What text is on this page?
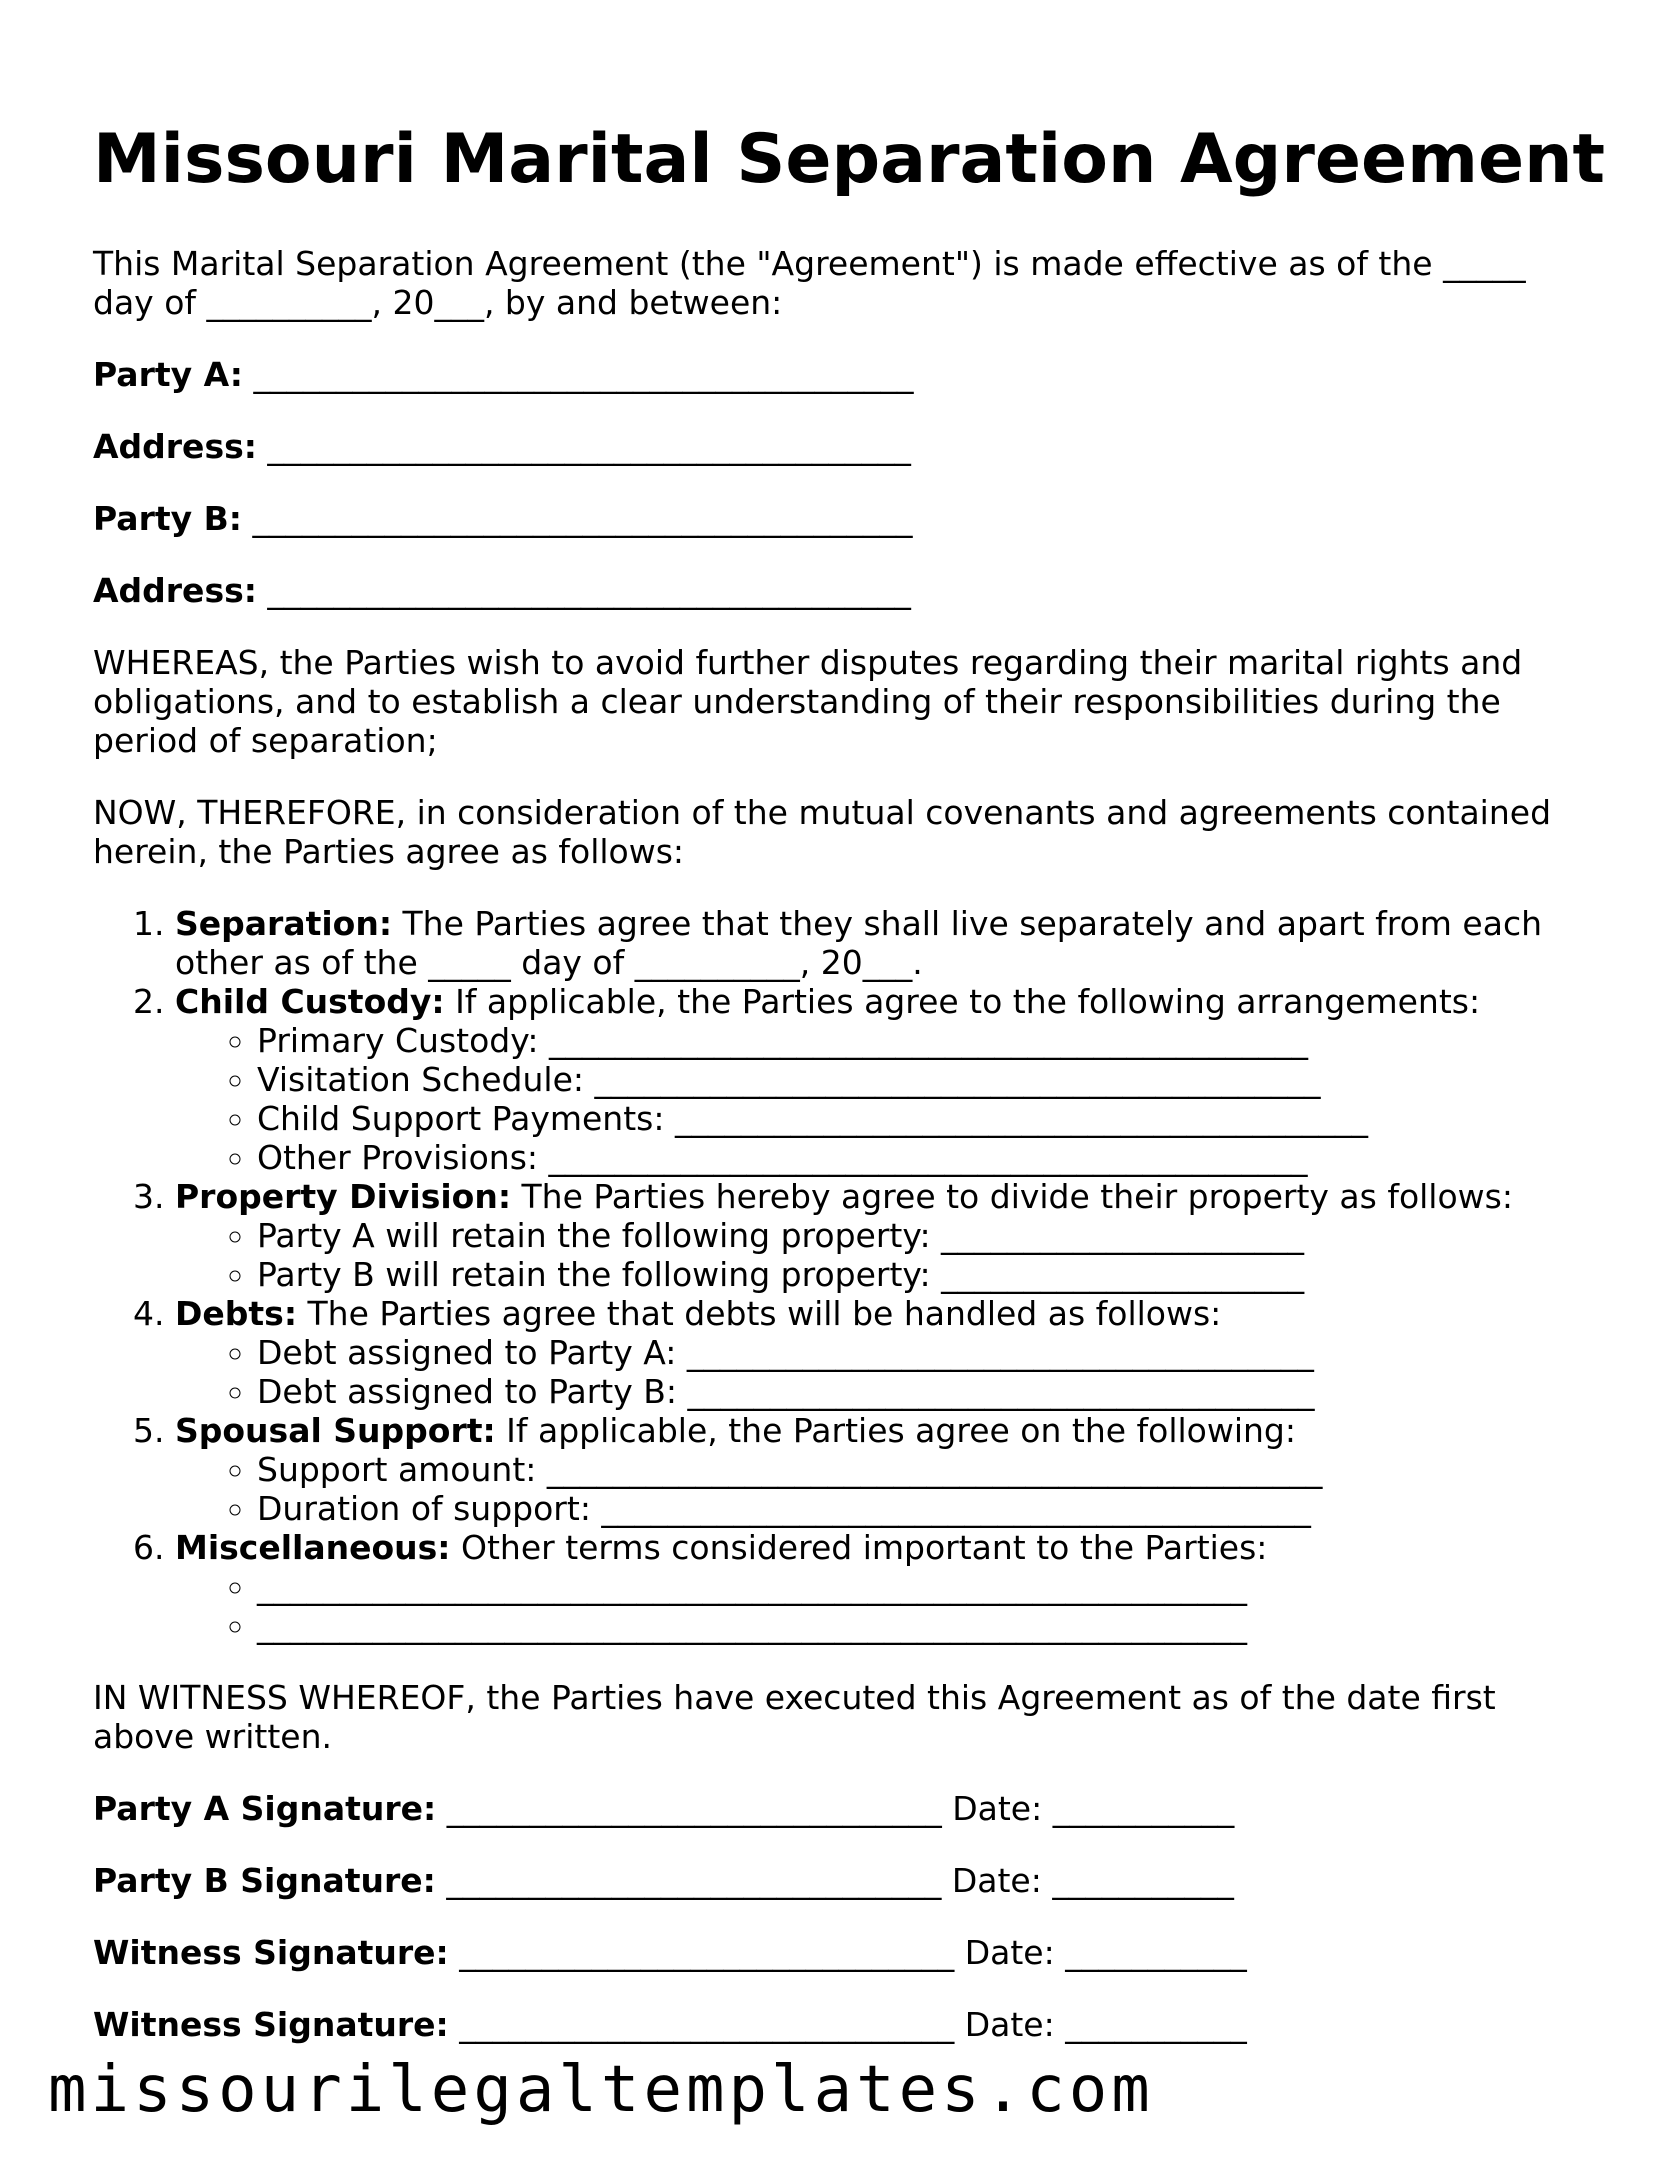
Missouri Marital Separation Agreement

This Marital Separation Agreement (the "Agreement") is made effective as of the _____ day of __________, 20___, by and between:

Party A: ________________________________________
Address: _______________________________________
Party B: ________________________________________
Address: _______________________________________

WHEREAS, the Parties wish to avoid further disputes regarding their marital rights and obligations, and to establish a clear understanding of their responsibilities during the period of separation;

NOW, THEREFORE, in consideration of the mutual covenants and agreements contained herein, the Parties agree as follows:

1. Separation: The Parties agree that they shall live separately and apart from each other as of the _____ day of __________, 20___.
2. Child Custody: If applicable, the Parties agree to the following arrangements:
◦ Primary Custody: ______________________________________________
◦ Visitation Schedule: ____________________________________________
◦ Child Support Payments: __________________________________________
◦ Other Provisions: ______________________________________________
3. Property Division: The Parties hereby agree to divide their property as follows:
◦ Party A will retain the following property: ______________________
◦ Party B will retain the following property: ______________________
4. Debts: The Parties agree that debts will be handled as follows:
◦ Debt assigned to Party A: ______________________________________
◦ Debt assigned to Party B: ______________________________________
5. Spousal Support: If applicable, the Parties agree on the following:
◦ Support amount: _______________________________________________
◦ Duration of support: ___________________________________________
6. Miscellaneous: Other terms considered important to the Parties:
◦ ____________________________________________________________
◦ ____________________________________________________________

IN WITNESS WHEREOF, the Parties have executed this Agreement as of the date first above written.

Party A Signature: ______________________________ Date: ___________
Party B Signature: ______________________________ Date: ___________
Witness Signature: ______________________________ Date: ___________
Witness Signature: ______________________________ Date: ___________
missourilegaltemplates.com
